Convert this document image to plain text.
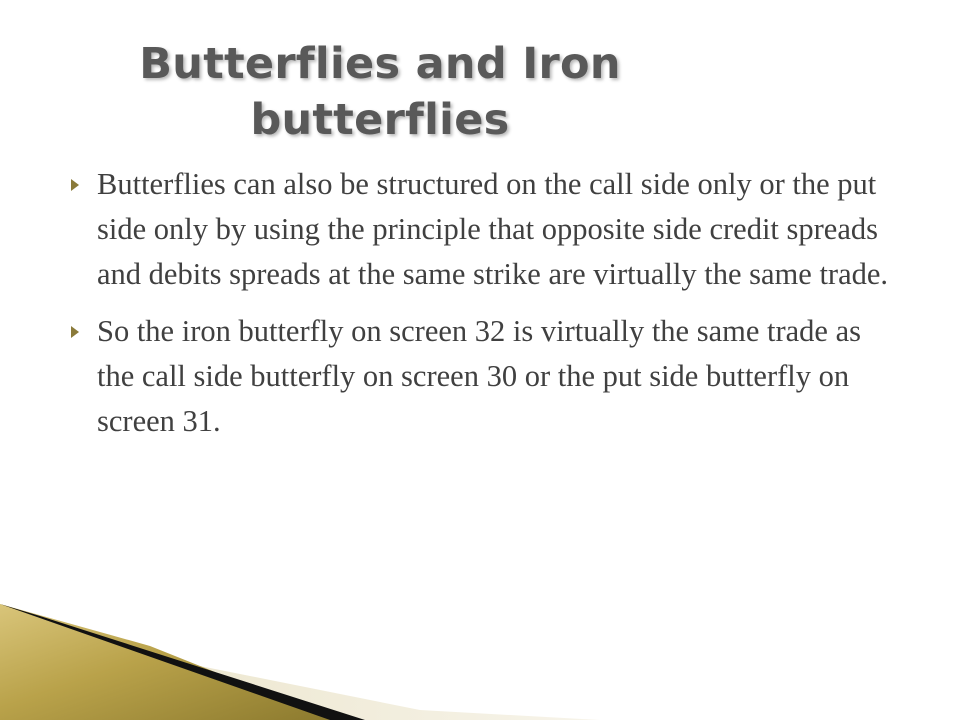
Butterflies and Iron
butterflies
Butterflies can also be structured on the call side only or the put side only by using the principle that opposite side credit spreads and debits spreads at the same strike are virtually the same trade.
So the iron butterfly on screen 32 is virtually the same trade as the call side butterfly on screen 30 or the put side butterfly on screen 31.
